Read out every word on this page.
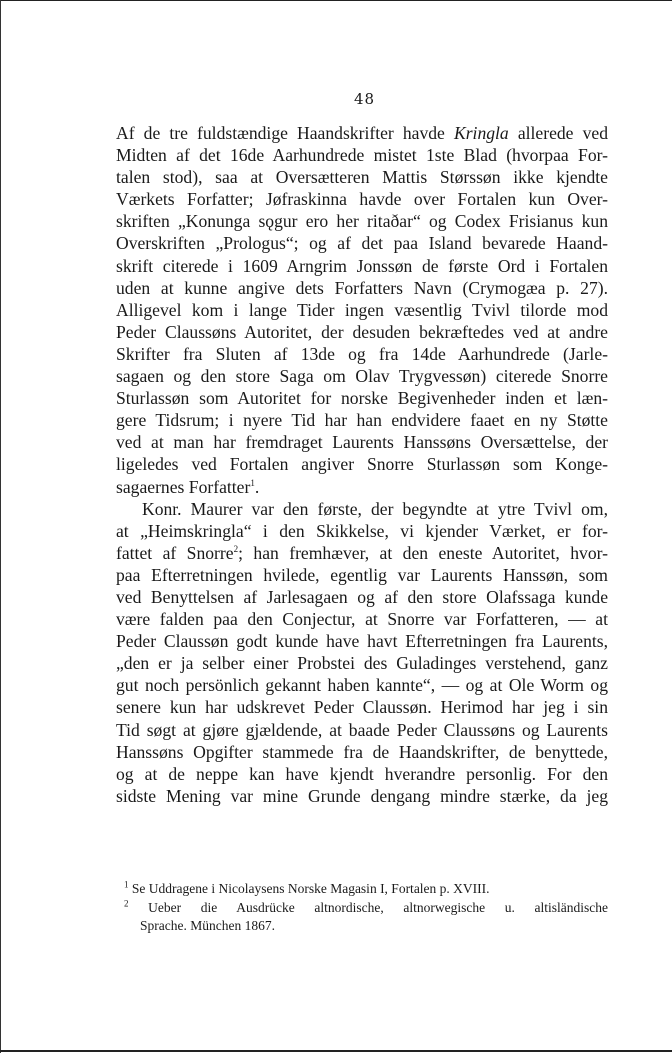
48
Af de tre fuldstændige Haandskrifter havde Kringla allerede ved
Midten af det 16de Aarhundrede mistet 1ste Blad (hvorpaa For-
talen stod), saa at Oversætteren Mattis Størssøn ikke kjendte
Værkets Forfatter; Jøfraskinna havde over Fortalen kun Over-
skriften „Konunga sǫgur ero her ritaðar“ og Codex Frisianus kun
Overskriften „Prologus“; og af det paa Island bevarede Haand-
skrift citerede i 1609 Arngrim Jonssøn de første Ord i Fortalen
uden at kunne angive dets Forfatters Navn (Crymogæa p. 27).
Alligevel kom i lange Tider ingen væsentlig Tvivl tilorde mod
Peder Claussøns Autoritet, der desuden bekræftedes ved at andre
Skrifter fra Sluten af 13de og fra 14de Aarhundrede (Jarle-
sagaen og den store Saga om Olav Trygvessøn) citerede Snorre
Sturlassøn som Autoritet for norske Begivenheder inden et læn-
gere Tidsrum; i nyere Tid har han endvidere faaet en ny Støtte
ved at man har fremdraget Laurents Hanssøns Oversættelse, der
ligeledes ved Fortalen angiver Snorre Sturlassøn som Konge-
sagaernes Forfatter$^1$.
Konr. Maurer var den første, der begyndte at ytre Tvivl om,
at „Heimskringla“ i den Skikkelse, vi kjender Værket, er for-
fattet af Snorre$^2$; han fremhæver, at den eneste Autoritet, hvor-
paa Efterretningen hvilede, egentlig var Laurents Hanssøn, som
ved Benyttelsen af Jarlesagaen og af den store Olafssaga kunde
være falden paa den Conjectur, at Snorre var Forfatteren, — at
Peder Claussøn godt kunde have havt Efterretningen fra Laurents,
„den er ja selber einer Probstei des Guladinges verstehend, ganz
gut noch persönlich gekannt haben kannte“, — og at Ole Worm og
senere kun har udskrevet Peder Claussøn. Herimod har jeg i sin
Tid søgt at gjøre gjældende, at baade Peder Claussøns og Laurents
Hanssøns Opgifter stammede fra de Haandskrifter, de benyttede,
og at de neppe kan have kjendt hverandre personlig. For den
sidste Mening var mine Grunde dengang mindre stærke, da jeg
$^1$ Se Uddragene i Nicolaysens Norske Magasin I, Fortalen p. XVIII.
$^2$ Ueber die Ausdrücke altnordische, altnorwegische u. altisländische
Sprache. München 1867.
